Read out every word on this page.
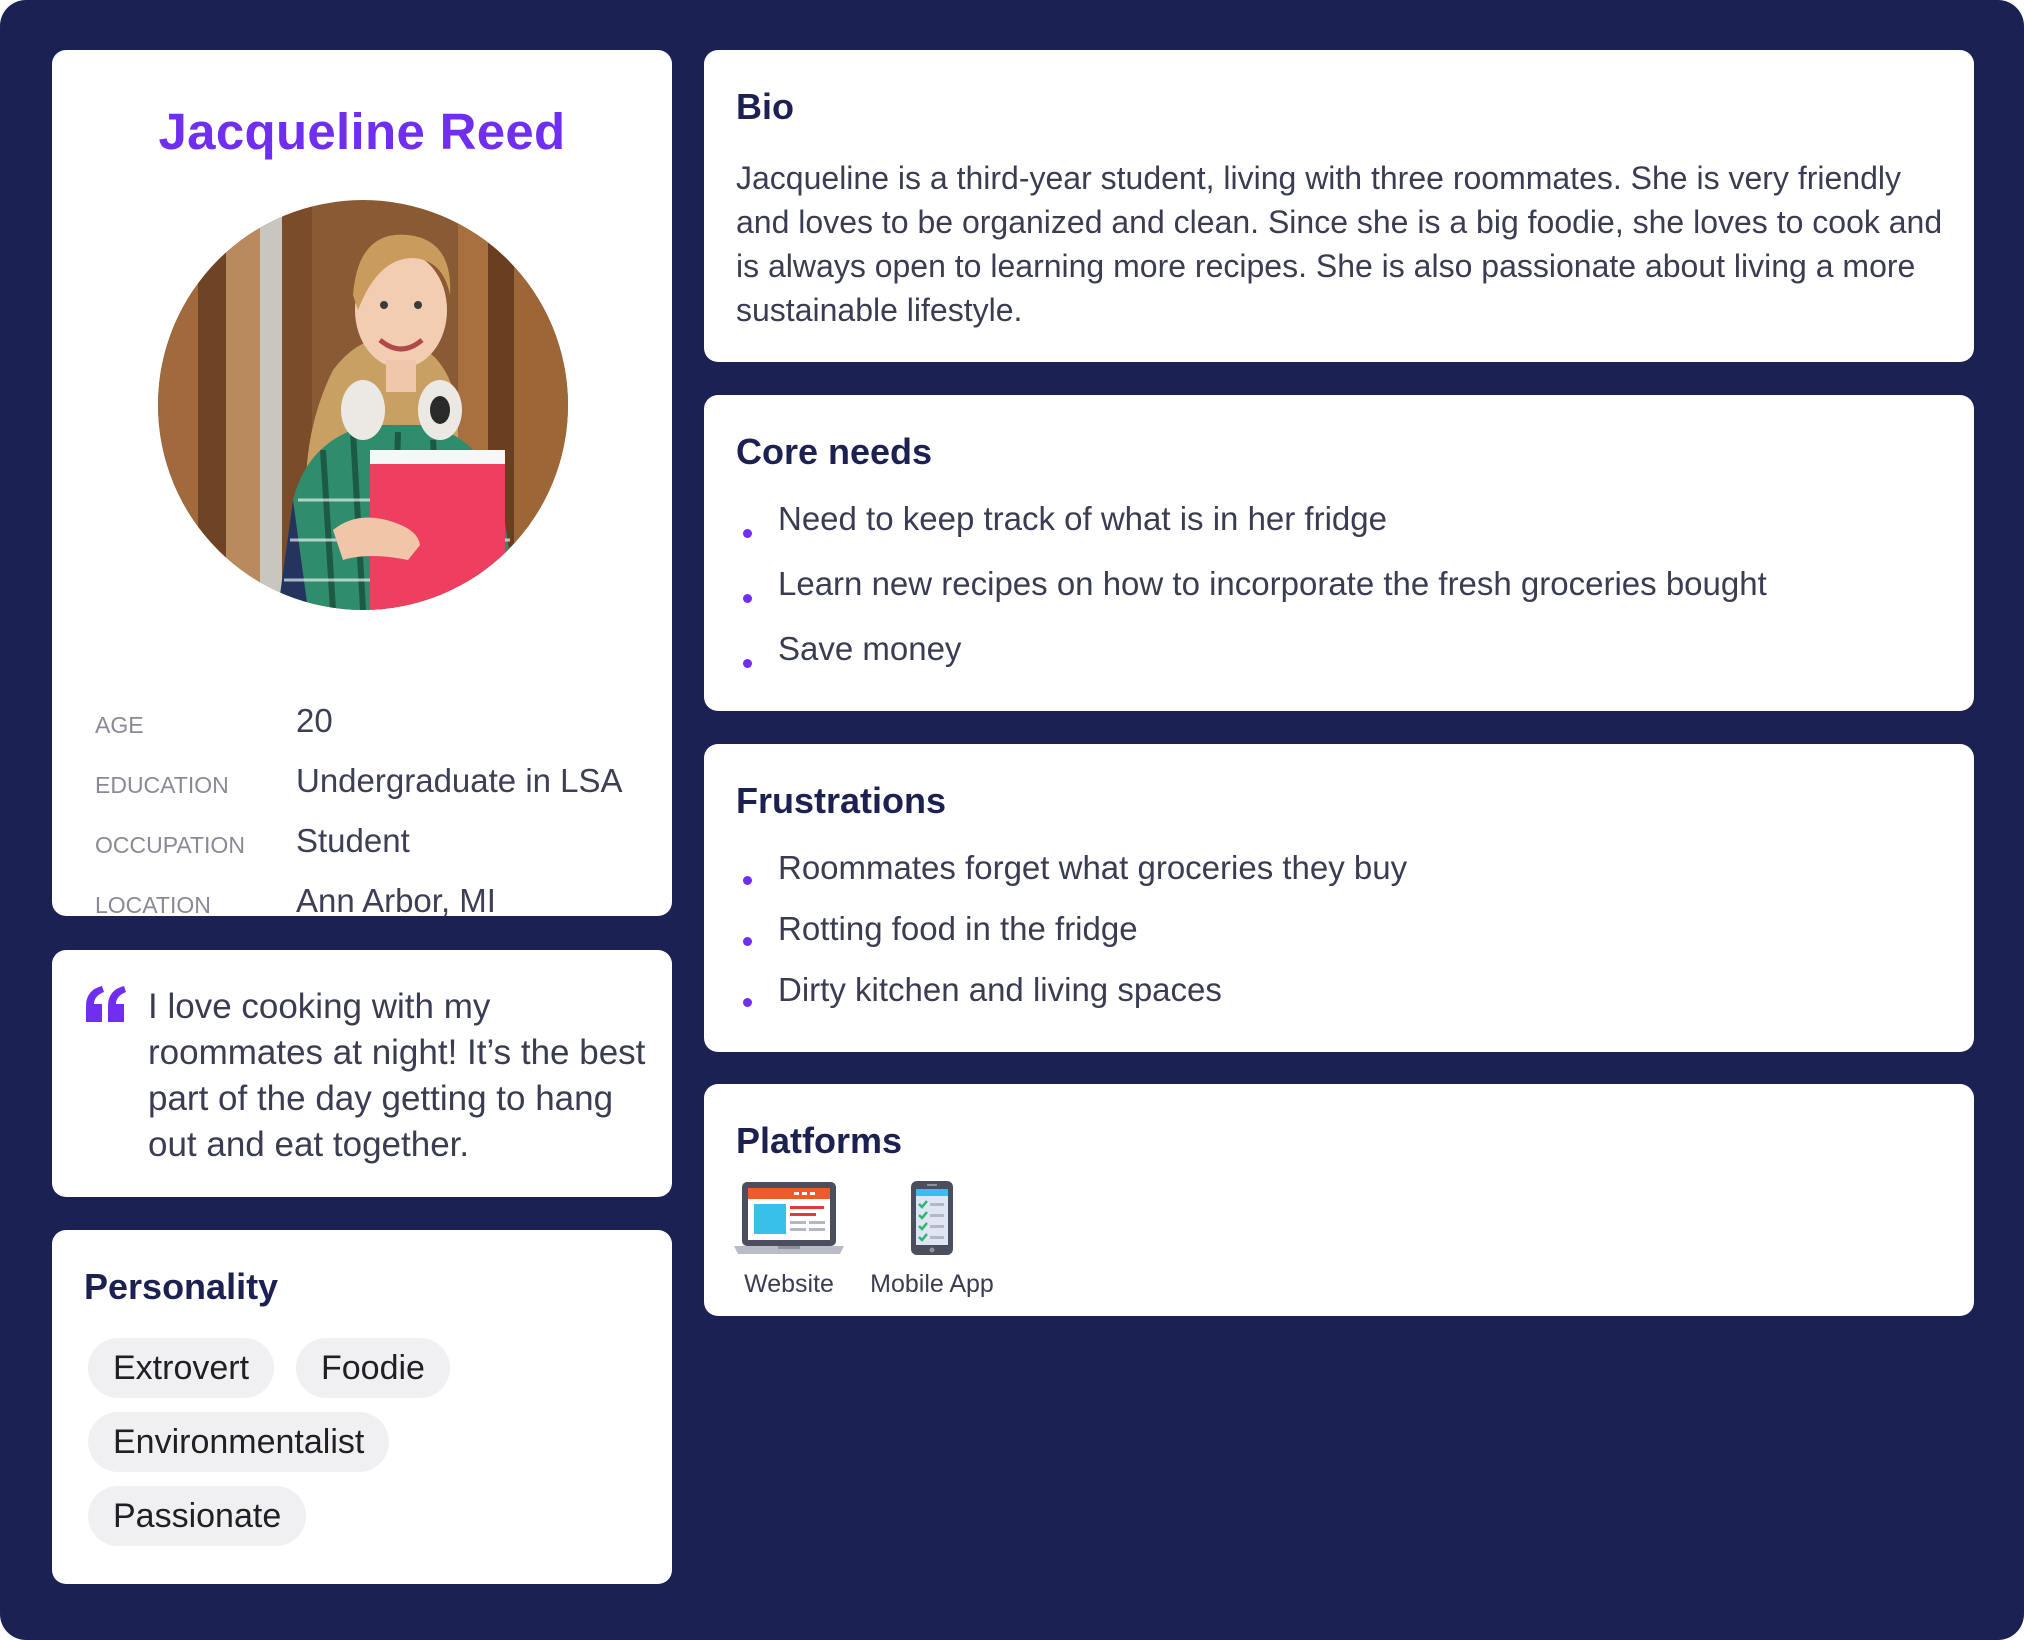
Jacqueline Reed
AGE	20
EDUCATION Undergraduate in LSA
OCCUPATION Student
LOCATION	Ann Arbor, MI
I love cooking with my roommates at night! It’s the best part of the day getting to hang out and eat together.
Personality
Extrovert	Foodie
Environmentalist
Passionate
Bio
Jacqueline is a third-year student, living with three roommates. She is very friendly and loves to be organized and clean. Since she is a big foodie, she loves to cook and is always open to learning more recipes. She is also passionate about living a more sustainable lifestyle.
Core needs
Need to keep track of what is in her fridge
Learn new recipes on how to incorporate the fresh groceries bought
Save money
Frustrations
Roommates forget what groceries they buy
Rotting food in the fridge
Dirty kitchen and living spaces
Platforms
Website	Mobile App
